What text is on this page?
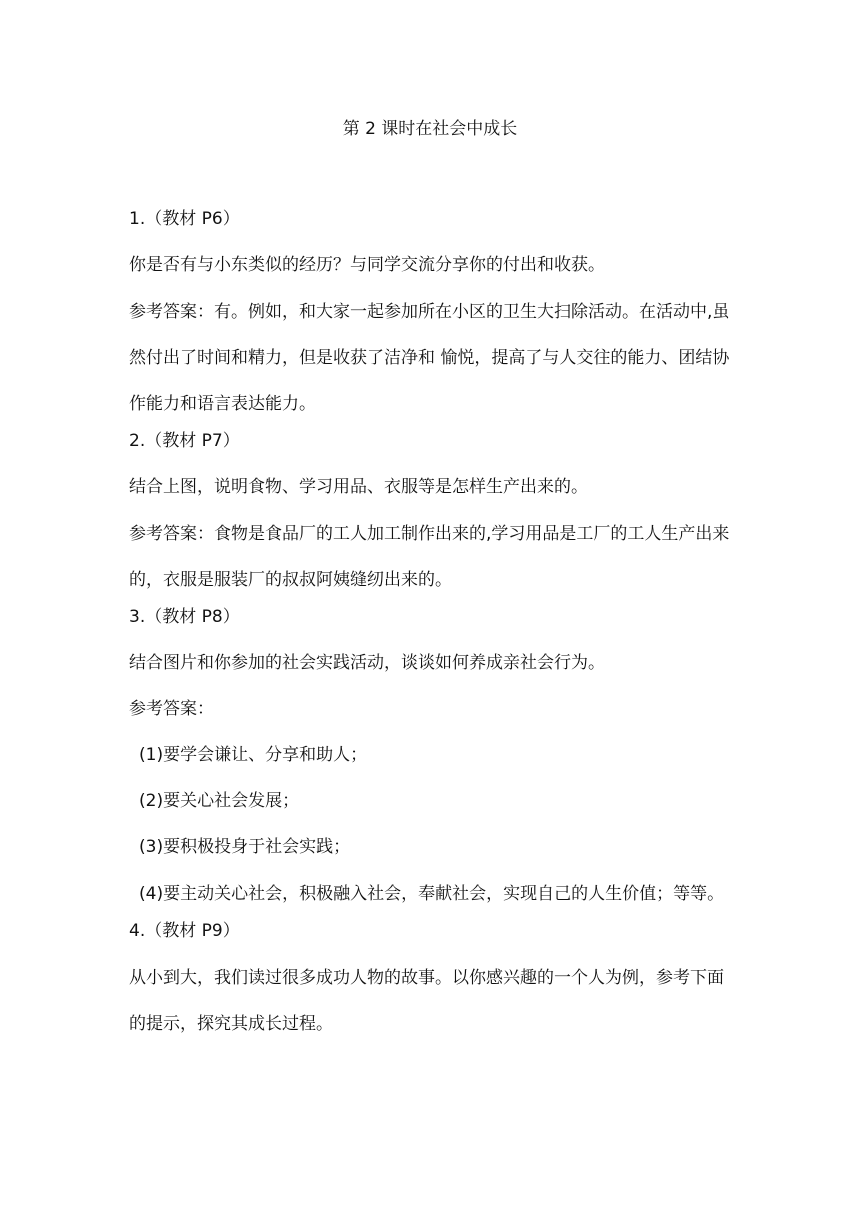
第 2 课时在社会中成长

1.（教材 P6）

你是否有与小东类似的经历？与同学交流分享你的付出和收获。

参考答案：有。例如，和大家一起参加所在小区的卫生大扫除活动。在活动中,虽然付出了时间和精力，但是收获了洁净和 愉悦，提高了与人交往的能力、团结协作能力和语言表达能力。

2.（教材 P7）

结合上图，说明食物、学习用品、衣服等是怎样生产出来的。

参考答案：食物是食品厂的工人加工制作出来的,学习用品是工厂的工人生产出来的，衣服是服装厂的叔叔阿姨缝纫出来的。

3.（教材 P8）

结合图片和你参加的社会实践活动，谈谈如何养成亲社会行为。

参考答案：

(1)要学会谦让、分享和助人；

(2)要关心社会发展；

(3)要积极投身于社会实践；

(4)要主动关心社会，积极融入社会，奉献社会，实现自己的人生价值；等等。

4.（教材 P9）

从小到大，我们读过很多成功人物的故事。以你感兴趣的一个人为例，参考下面的提示，探究其成长过程。
